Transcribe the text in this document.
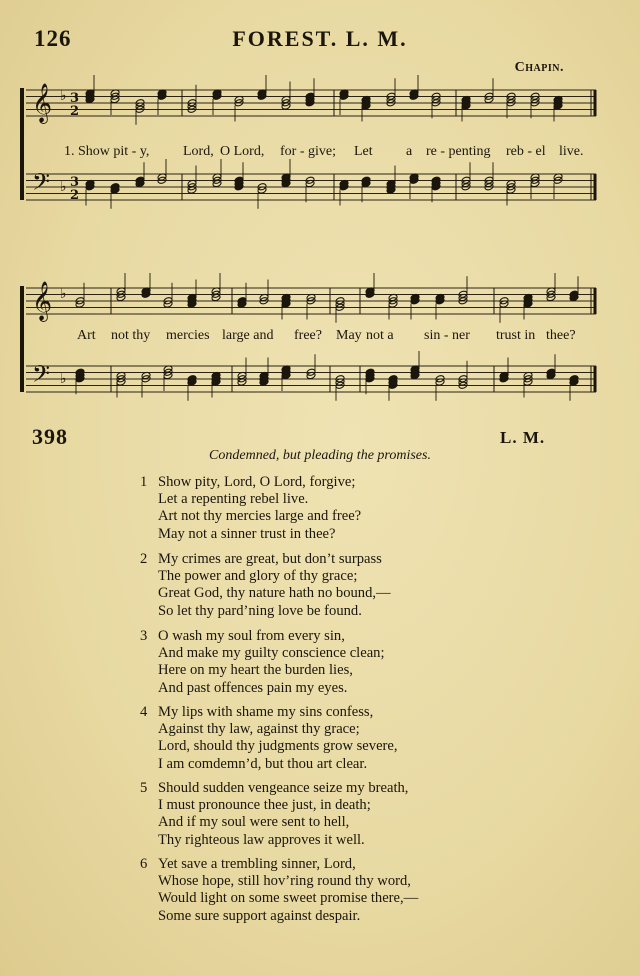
126	FOREST. L. M.
Chapin.
𝄞
𝄢
♭
♭
3
3
2
2
1. Show pit - y, Lord, O Lord, for - give; Let a re - penting reb - el live.
𝄞
𝄢
♭
♭
Art not thy mercies large and free? May not a sin - ner trust in thee?
398	L. M.
Condemned, but pleading the promises.
1 Show pity, Lord, O Lord, forgive;
Let a repenting rebel live.
Art not thy mercies large and free?
May not a sinner trust in thee?
2 My crimes are great, but don’t surpass
The power and glory of thy grace;
Great God, thy nature hath no bound,—
So let thy pard’ning love be found.
3 O wash my soul from every sin,
And make my guilty conscience clean;
Here on my heart the burden lies,
And past offences pain my eyes.
4 My lips with shame my sins confess,
Against thy law, against thy grace;
Lord, should thy judgments grow severe,
I am comdemn’d, but thou art clear.
5 Should sudden vengeance seize my breath,
I must pronounce thee just, in death;
And if my soul were sent to hell,
Thy righteous law approves it well.
6 Yet save a trembling sinner, Lord,
Whose hope, still hov’ring round thy word,
Would light on some sweet promise there,—
Some sure support against despair.
